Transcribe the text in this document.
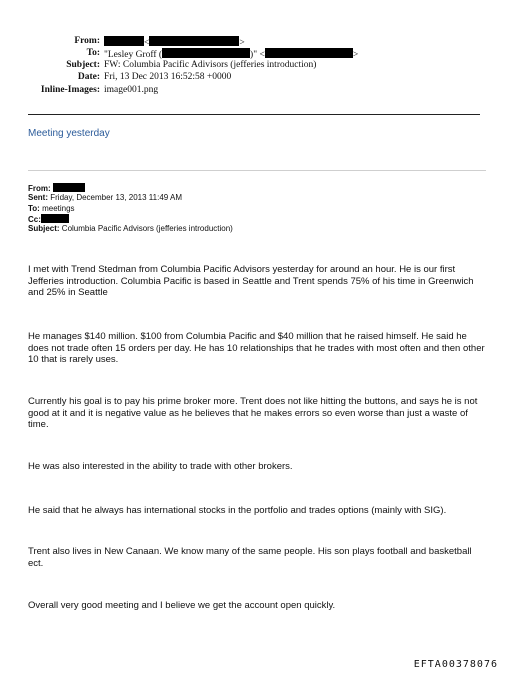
From:	<	>
To: "Lesley Groff (	)" <	>
Subject: FW: Columbia Pacific Adivisors (jefferies introduction)
Date: Fri, 13 Dec 2013 16:52:58 +0000
Inline-Images: image001.png
Meeting yesterday
From:
Sent: Friday, December 13, 2013 11:49 AM
To: meetings
Cc:
Subject: Columbia Pacific Advisors (jefferies introduction)
I met with Trend Stedman from Columbia Pacific Advisors yesterday for around an hour. He is our first Jefferies introduction. Columbia Pacific is based in Seattle and Trent spends 75% of his time in Greenwich and 25% in Seattle
He manages $140 million. $100 from Columbia Pacific and $40 million that he raised himself. He said he does not trade often 15 orders per day. He has 10 relationships that he trades with most often and then other 10 that is rarely uses.
Currently his goal is to pay his prime broker more. Trent does not like hitting the buttons, and says he is not good at it and it is negative value as he believes that he makes errors so even worse than just a waste of time.
He was also interested in the ability to trade with other brokers.
He said that he always has international stocks in the portfolio and trades options (mainly with SIG).
Trent also lives in New Canaan. We know many of the same people. His son plays football and basketball ect.
Overall very good meeting and I believe we get the account open quickly.
EFTA00378076
